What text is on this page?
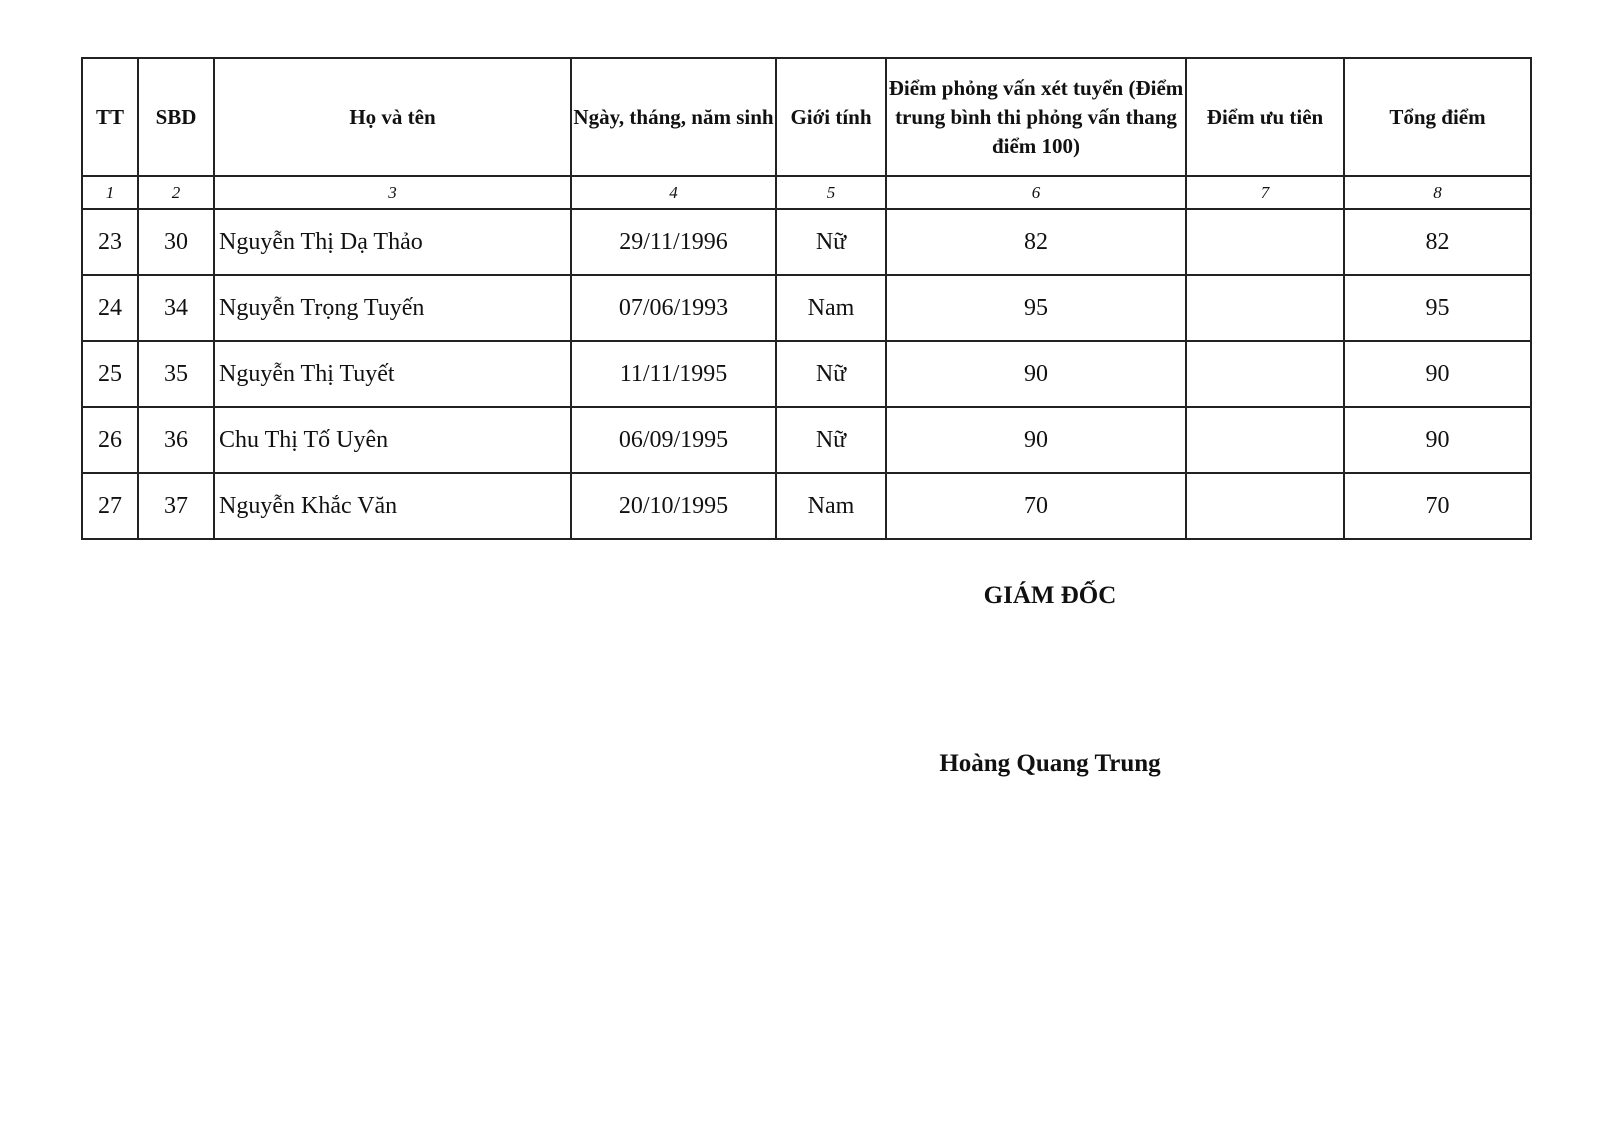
TT	SBD	Họ và tên	Ngày, tháng, năm sinh	Giới tính	Điểm phỏng vấn xét tuyển (Điểm trung bình thi phỏng vấn thang điểm 100)	Điểm ưu tiên	Tổng điểm
1	2	3	4	5	6	7	8
23	30	Nguyễn Thị Dạ Thảo	29/11/1996	Nữ	82		82
24	34	Nguyễn Trọng Tuyến	07/06/1993	Nam	95		95
25	35	Nguyễn Thị Tuyết	11/11/1995	Nữ	90		90
26	36	Chu Thị Tố Uyên	06/09/1995	Nữ	90		90
27	37	Nguyễn Khắc Văn	20/10/1995	Nam	70		70
GIÁM ĐỐC
Hoàng Quang Trung
